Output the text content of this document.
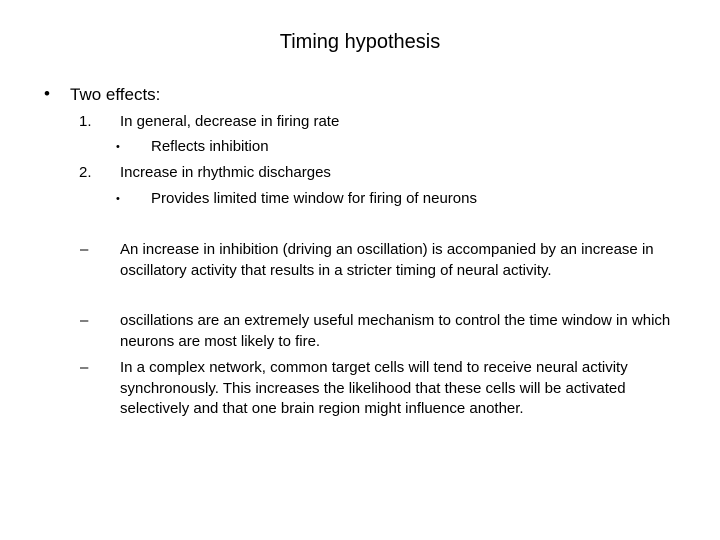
Timing hypothesis
• Two effects:
1. In general, decrease in firing rate
• Reflects inhibition
2. Increase in rhythmic discharges
• Provides limited time window for firing of neurons
– An increase in inhibition (driving an oscillation) is accompanied by an increase in oscillatory activity that results in a stricter timing of neural activity.
– oscillations are an extremely useful mechanism to control the time window in which neurons are most likely to fire.
– In a complex network, common target cells will tend to receive neural activity synchronously. This increases the likelihood that these cells will be activated selectively and that one brain region might influence another.
